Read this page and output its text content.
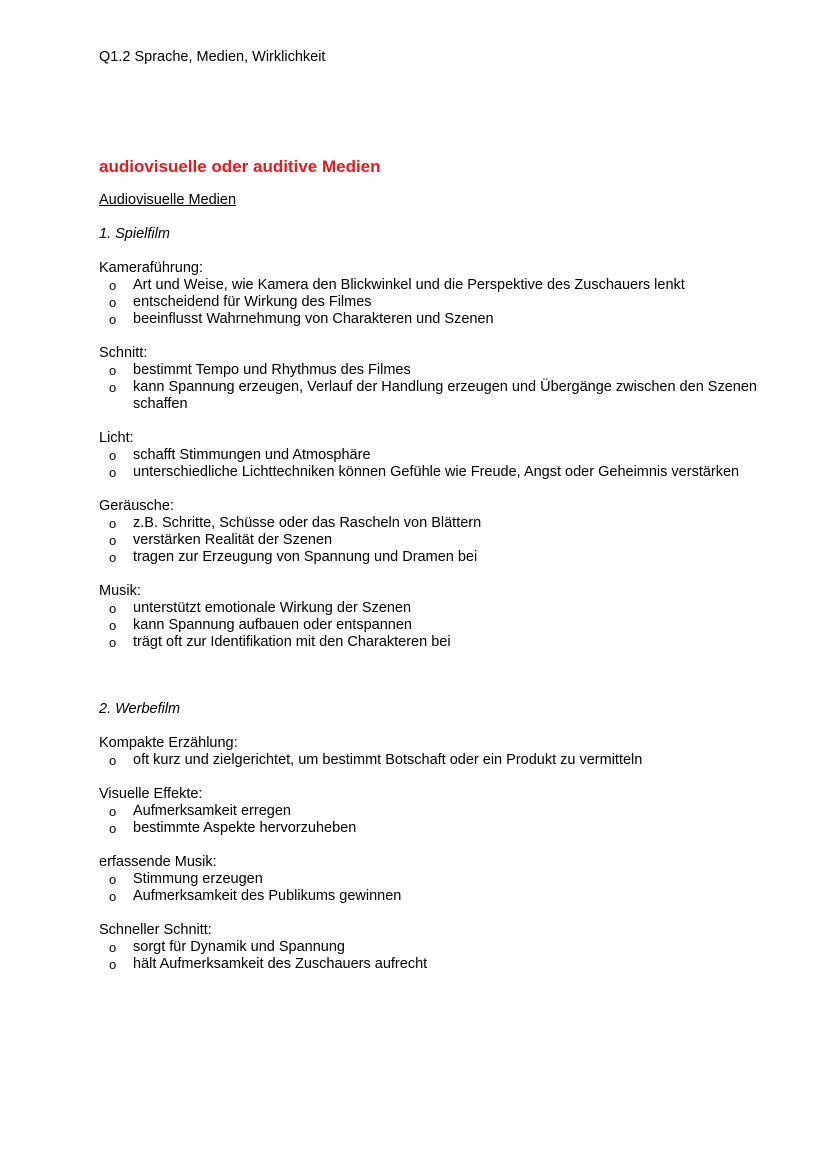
Q1.2 Sprache, Medien, Wirklichkeit

audiovisuelle oder auditive Medien
Audiovisuelle Medien
1. Spielfilm

Kameraführung:

o Art und Weise, wie Kamera den Blickwinkel und die Perspektive des Zuschauers lenkt
o entscheidend für Wirkung des Filmes
o beeinflusst Wahrnehmung von Charakteren und Szenen

Schnitt:

o bestimmt Tempo und Rhythmus des Filmes
o kann Spannung erzeugen, Verlauf der Handlung erzeugen und Übergänge zwischen den Szenen schaffen

Licht:

o schafft Stimmungen und Atmosphäre
o unterschiedliche Lichttechniken können Gefühle wie Freude, Angst oder Geheimnis verstärken

Geräusche:

o z.B. Schritte, Schüsse oder das Rascheln von Blättern
o verstärken Realität der Szenen
o tragen zur Erzeugung von Spannung und Dramen bei

Musik:

o unterstützt emotionale Wirkung der Szenen
o kann Spannung aufbauen oder entspannen
o trägt oft zur Identifikation mit den Charakteren bei
2. Werbefilm

Kompakte Erzählung:

o oft kurz und zielgerichtet, um bestimmt Botschaft oder ein Produkt zu vermitteln

Visuelle Effekte:

o Aufmerksamkeit erregen
o bestimmte Aspekte hervorzuheben

erfassende Musik:

o Stimmung erzeugen
o Aufmerksamkeit des Publikums gewinnen

Schneller Schnitt:

o sorgt für Dynamik und Spannung
o hält Aufmerksamkeit des Zuschauers aufrecht
